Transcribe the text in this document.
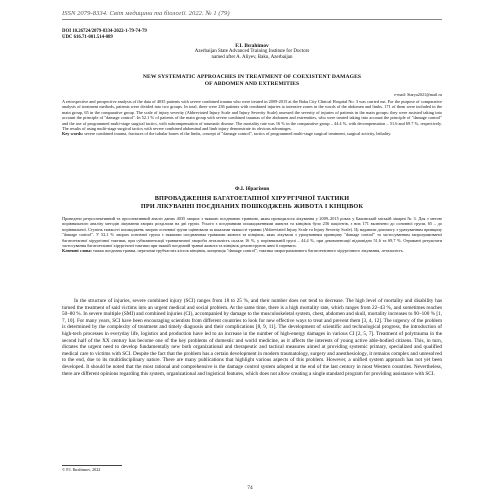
ISSN 2079-8334. Світ медицини та біології. 2022. № 1 (79)
DOI 10.26724/2079-8334-2022-1-79-74-79
UDC 616.71-001.514-089
F.I. Ibrahimov
Azerbaijan State Advanced Training Institute for Doctors
named after A. Aliyev, Baku, Azerbaijan
NEW SYSTEMATIC APPROACHES IN TREATMENT OF COEXISTENT DAMAGES
OF ABDOMEN AND EXTREMITIES
e-mail: Starya2021@mail.ru
A retrospective and prospective analysis of the data of 4035 patients with severe combined trauma who were treated in 2009-2015 at the Baku City Clinical Hospital No. 3 was carried out. For the purpose of comparative analysis of treatment methods, patients were divided into two groups. In total, there were 236 patients with combined injuries to intensive zones in the words of the abdomen and limbs, 171 of them were included in the main group, 65 in the comparative group. The scale of injury severity (Abbreviated Injury Scale and Injury Severity Scale) assessed the severity of injuries of patients in the main groups: they were assisted taking into account the principle of "damage control". In 52.1 % of patients of the main group with severe combined traumas of the abdomen and extremities, who were treated taking into account the principle of "damage control" and the use of programmed multi-stage surgical tactics, with subcompensation of traumatic disease. The mortality rate was 16 % in the comparative group – 44.4 %, with decompensation – 51.6 and 69.7 %, respectively. The results of using multi-stage surgical tactics with severe combined abdominal and limb injury demonstrate its obvious advantages.
Key words: severe combined trauma, fractures of the tubular bones of the limbs, concept of "damage control", tactics of programmed multi-stage surgical treatment, surgical activity, lethality.
Ф.І. Ібрагімов
ВПРОВАДЖЕННЯ БАГАТОЕТАПНОЇ ХІРУРГІЧНОЇ ТАКТИКИ
ПРИ ЛІКУВАННІ ПОЄДНАНИХ ПОШКОДЖЕНЬ ЖИВОТА І КІНЦІВОК
Проведено ретроспективний та проспективний аналіз даних 4035 хворих з тяжкою поєднаною травмою, яким проводилося лікування у 2009–2015 роках у Бакинській міській лікарні № 3. Для з метою порівняльного аналізу методів лікування хворих розділили на дві групи. Усього з поєднаними пошкодженнями живота та кінцівок було 236 пацієнтів, з них 171 включено до основної групи, 65 – до порівняльної. Ступінь тяжкості пошкоджень хворих основної групи оцінювали за шкалами тяжкості травми (Abbreviated Injury Scale та Injury Severity Scale). Ці надавали допомогу з урахуванням принципу "damage control". У 52,1 % хворих основної групи з тяжкими поєднаними травмами живота та кінцівок, яких лікували з урахуванням принципу "damage control" та застосуванням запрограмованої багатоетапної хірургічної тактики, при субкомпенсації травматичної хвороби летальність склала 16 %, у порівняльній групі – 44,4 %, при декомпенсації відповідно 51,6 та 69,7 %. Отримані результати застосування багатоетапної хірургічної тактики при тяжкій поєднаній травмі живота та кінцівок демонструють явні її переваги.
Ключові слова: тяжка поєднана травма, переломи трубчастих кісток кінцівок, концепція "damage control", тактика запрограмованого багатоетапного хірургічного лікування, летальність.
In the structure of injuries, severe combined injury (SCI) ranges from 18 to 25 %, and their number does not tend to decrease. The high level of mortality and disability has turned the treatment of said victims into an urgent medical and social problem. At the same time, there is a high mortality rate, which ranges from 22–43 %, and sometimes reaches 50–80 %. In severe multiple (SMI) and combined injuries (CI), accompanied by damage to the musculoskeletal system, chest, abdomen and skull, mortality increases to 90–100 % [1, 7, 10]. For many years, SCI have been encouraging scientists from different countries to look for new effective ways to treat and prevent them [3, 4, 12]. The urgency of the problem is determined by the complexity of treatment and timely diagnosis and their complications [8, 9, 11]. The development of scientific and technological progress, the introduction of high-tech processes in everyday life, logistics and production have led to an increase in the number of high-energy damages in various CI [2, 5, 7]. Treatment of polytrauma in the second half of the XX century has become one of the key problems of domestic and world medicine, as it affects the interests of young active able-bodied citizens. This, in turn, dictates the urgent need to develop fundamentally new both organizational and therapeutic and tactical measures aimed at providing systemic primary, specialized and qualified medical care to victims with SCI. Despite the fact that the problem has a certain development in modern traumatology, surgery and anesthesiology, it remains complex and unresolved to the end, due to its multidisciplinary nature. There are many publications that highlight various aspects of this problem. However, a unified system approach has not yet been developed. It should be noted that the most rational and comprehensive is the damage control system adopted at the end of the last century in most Western countries. Nevertheless, there are different opinions regarding this system, organizational and logistical features, which does not allow creating a single standard program for providing assistance with SCI.
© F.I. Ibrahimov, 2022
74
